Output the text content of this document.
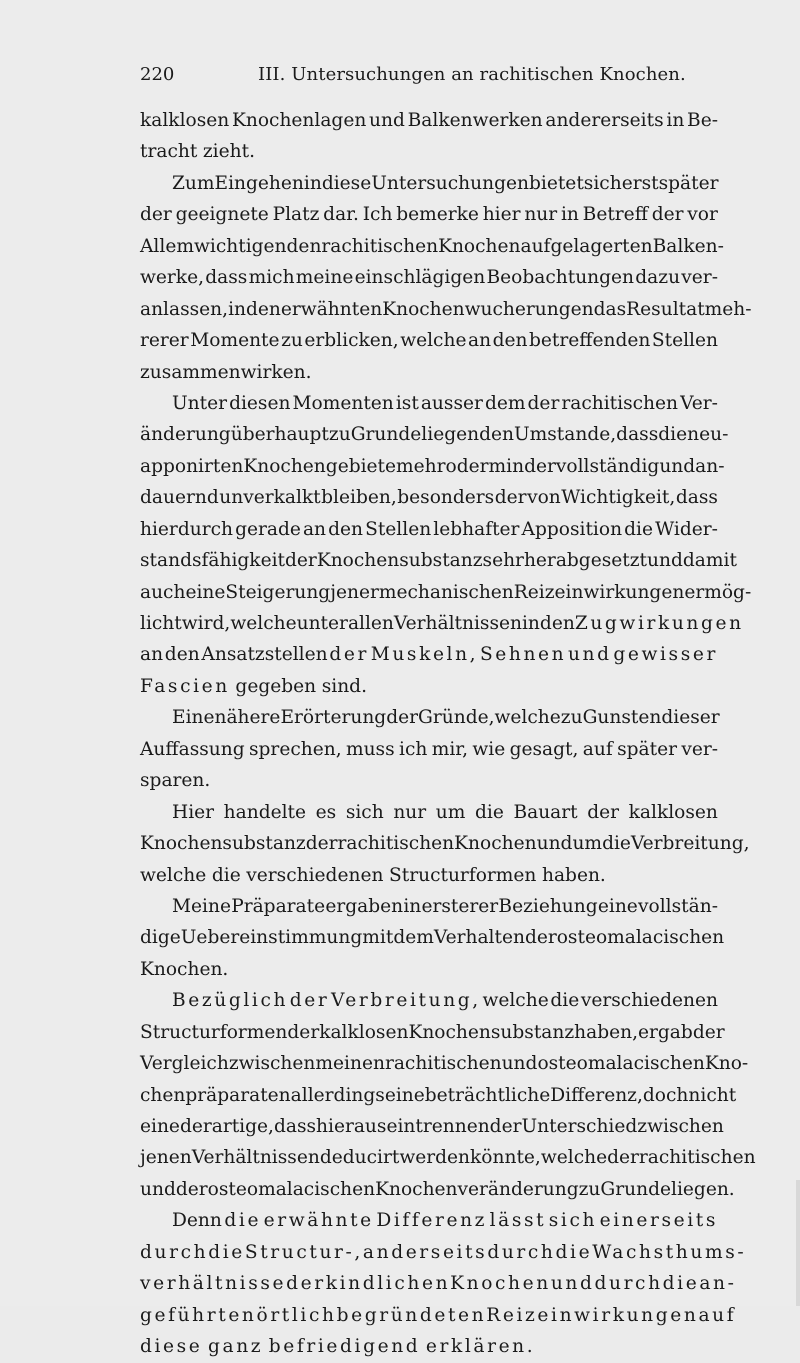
220	III. Untersuchungen an rachitischen Knochen.
kalklosen Knochenlagen und Balkenwerken andererseits in Be-
tracht zieht.
Zum Eingehen in diese Untersuchungen bietet sich erst später
der geeignete Platz dar. Ich bemerke hier nur in Betreff der vor
Allem wichtigen den rachitischen Knochen aufgelagerten Balken-
werke, dass mich meine einschlägigen Beobachtungen dazu ver-
anlassen, in den erwähnten Knochenwucherungen das Resultat meh-
rerer Momente zu erblicken, welche an den betreffenden Stellen
zusammenwirken.
Unter diesen Momenten ist ausser dem der rachitischen Ver-
änderung überhaupt zu Grunde liegenden Umstande, dass die neu-
apponirten Knochengebiete mehr oder minder vollständig und an-
dauernd unverkalkt bleiben, besonders der von Wichtigkeit, dass
hierdurch gerade an den Stellen lebhafter Apposition die Wider-
standsfähigkeit der Knochensubstanz sehr herabgesetzt und damit
auch eine Steigerung jener mechanischen Reizeinwirkungen ermög-
licht wird, welche unter allen Verhältnissen in den Zugwirkungen
an den Ansatzstellen der Muskeln, Sehnen und gewisser
Fascien gegeben sind.
Eine nähere Erörterung der Gründe, welche zu Gunsten dieser
Auffassung sprechen, muss ich mir, wie gesagt, auf später ver-
sparen.
Hier handelte es sich nur um die Bauart der kalklosen
Knochensubstanz der rachitischen Knochen und um die Verbreitung,
welche die verschiedenen Structurformen haben.
Meine Präparate ergaben in ersterer Beziehung eine vollstän-
dige Uebereinstimmung mit dem Verhalten der osteomalacischen
Knochen.
Bezüglich der Verbreitung, welche die verschiedenen
Structurformen der kalklosen Knochensubstanz haben, ergab der
Vergleich zwischen meinen rachitischen und osteomalacischen Kno-
chenpräparaten allerdings eine beträchtliche Differenz, doch nicht
eine derartige, dass hieraus ein trennender Unterschied zwischen
jenen Verhältnissen deducirt werden könnte, welche der rachitischen
und der osteomalacischen Knochenveränderung zu Grunde liegen.
Denn die erwähnte Differenz lässt sich einerseits
durch die Structur-, anderseits durch die Wachsthums-
verhältnisse der kindlichen Knochen und durch die an-
geführten örtlich begründeten Reizeinwirkungen auf
diese ganz befriedigend erklären.
